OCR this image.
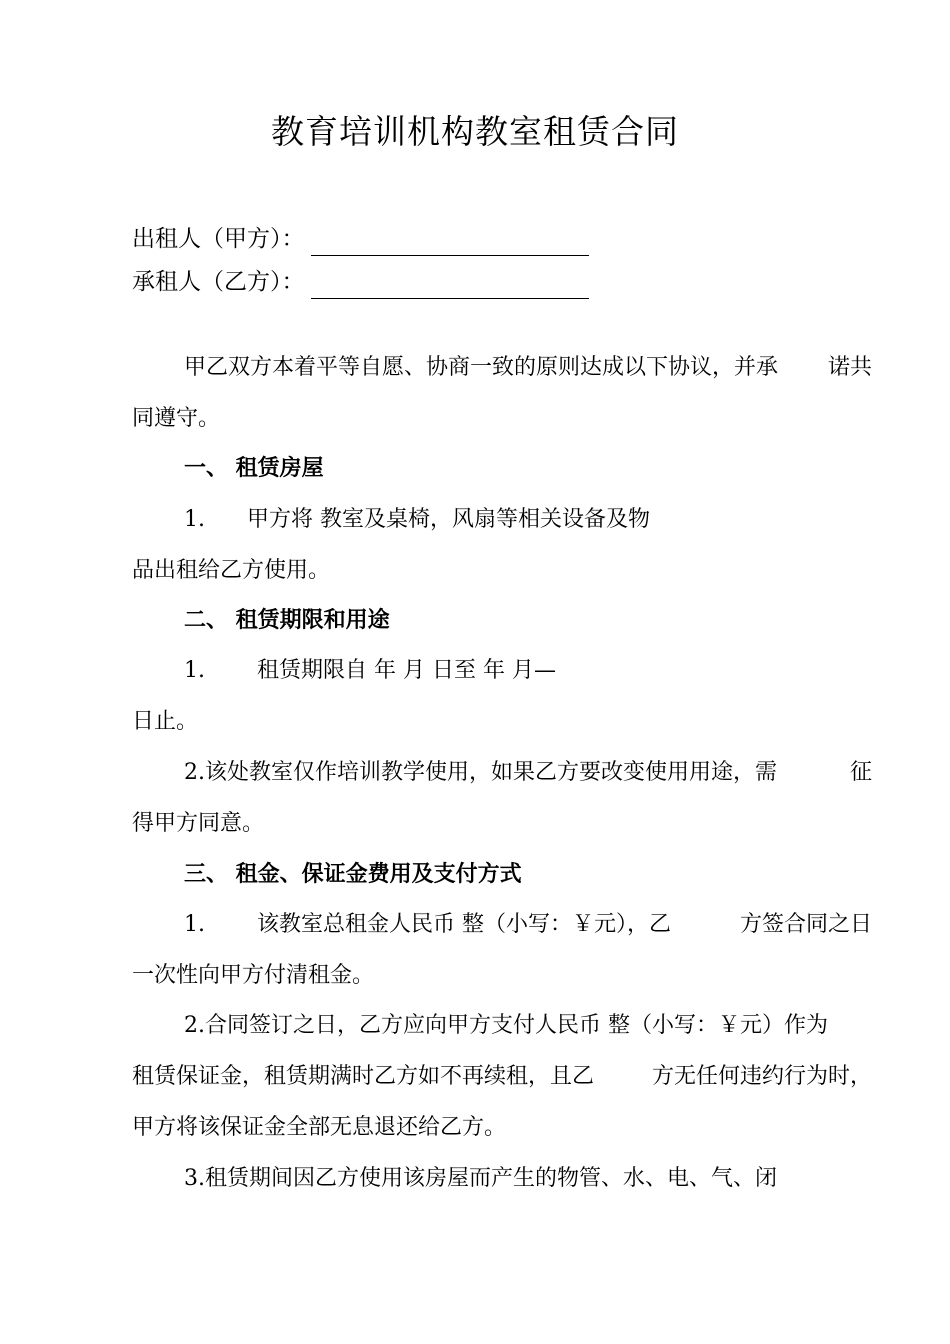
教育培训机构教室租赁合同
出租人（甲方）：
承租人（乙方）：
甲乙双方本着平等自愿、协商一致的原则达成以下协议，并承 诺共
同遵守。
一、 租赁房屋
1. 甲方将 教室及桌椅，风扇等相关设备及物
品出租给乙方使用。
二、 租赁期限和用途
1. 租赁期限自 年 月 日至 年 月—
日止。
2.该处教室仅作培训教学使用，如果乙方要改变使用用途，需	征
得甲方同意。
三、 租金、保证金费用及支付方式
1. 该教室总租金人民币 整（小写：￥元），乙	方签合同之日
一次性向甲方付清租金。
2.合同签订之日，乙方应向甲方支付人民币 整（小写：￥元）作为
租赁保证金，租赁期满时乙方如不再续租，且乙	方无任何违约行为时，
甲方将该保证金全部无息退还给乙方。
3.租赁期间因乙方使用该房屋而产生的物管、水、电、气、闭
